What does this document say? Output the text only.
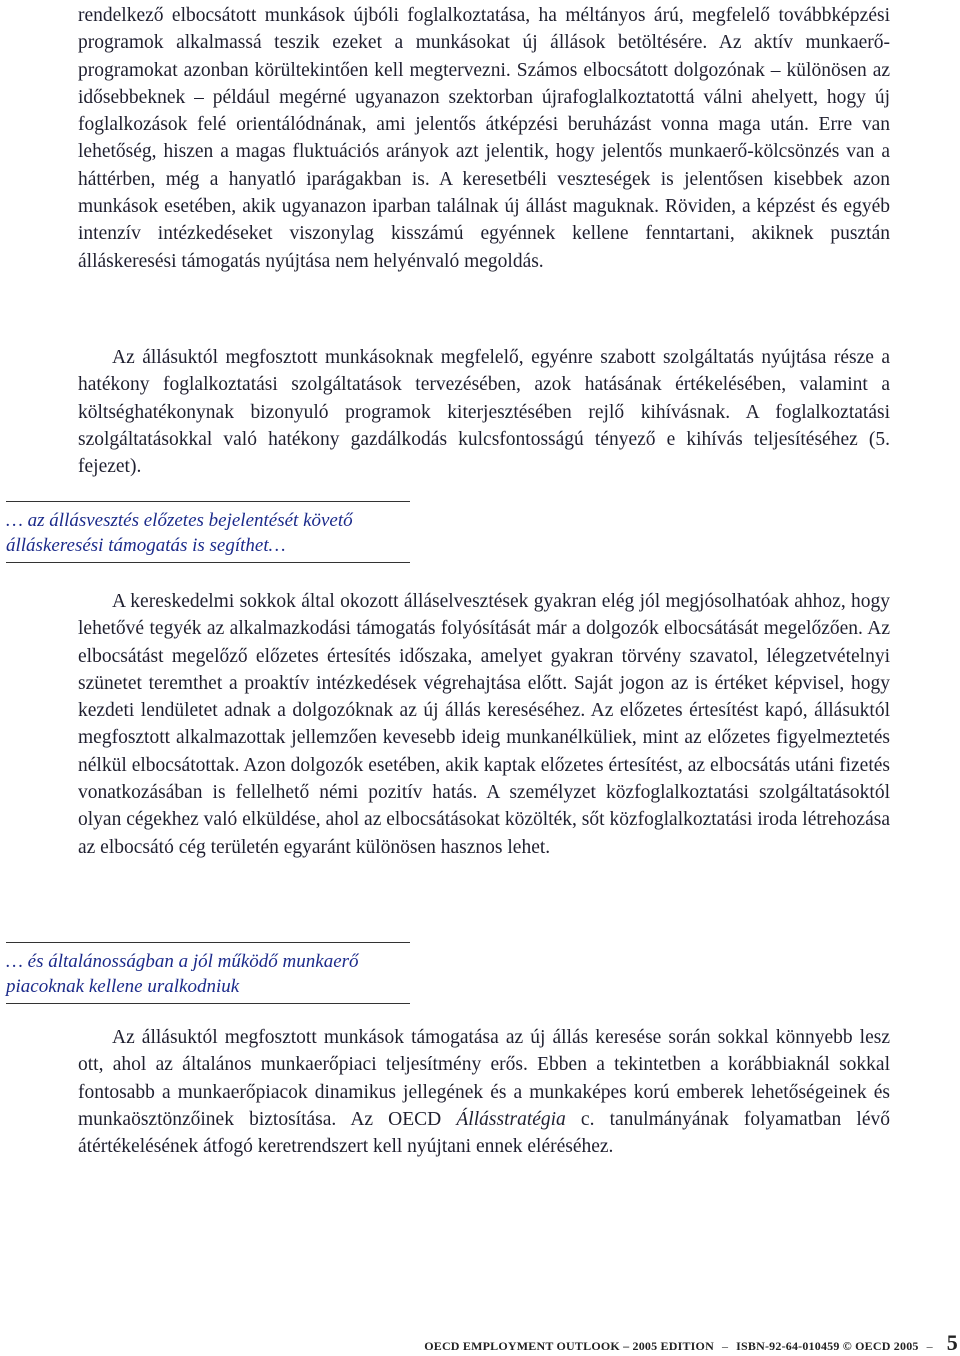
rendelkező elbocsátott munkások újbóli foglalkoztatása, ha méltányos árú, megfelelő továbbképzési programok alkalmassá teszik ezeket a munkásokat új állások betöltésére. Az aktív munkaerő-programokat azonban körültekintően kell megtervezni. Számos elbocsátott dolgozónak – különösen az idősebbeknek – például megérné ugyanazon szektorban újrafoglalkoztatottá válni ahelyett, hogy új foglalkozások felé orientálódnának, ami jelentős átképzési beruházást vonna maga után. Erre van lehetőség, hiszen a magas fluktuációs arányok azt jelentik, hogy jelentős munkaerő-kölcsönzés van a háttérben, még a hanyatló iparágakban is. A keresetbéli veszteségek is jelentősen kisebbek azon munkások esetében, akik ugyanazon iparban találnak új állást maguknak. Röviden, a képzést és egyéb intenzív intézkedéseket viszonylag kisszámú egyénnek kellene fenntartani, akiknek pusztán álláskeresési támogatás nyújtása nem helyénvaló megoldás.

Az állásuktól megfosztott munkásoknak megfelelő, egyénre szabott szolgáltatás nyújtása része a hatékony foglalkoztatási szolgáltatások tervezésében, azok hatásának értékelésében, valamint a költséghatékonynak bizonyuló programok kiterjesztésében rejlő kihívásnak. A foglalkoztatási szolgáltatásokkal való hatékony gazdálkodás kulcsfontosságú tényező e kihívás teljesítéséhez (5. fejezet).

… az állásvesztés előzetes bejelentését követő álláskeresési támogatás is segíthet…

A kereskedelmi sokkok által okozott álláselvesztések gyakran elég jól megjósolhatóak ahhoz, hogy lehetővé tegyék az alkalmazkodási támogatás folyósítását már a dolgozók elbocsátását megelőzően. Az elbocsátást megelőző előzetes értesítés időszaka, amelyet gyakran törvény szavatol, lélegzetvételnyi szünetet teremthet a proaktív intézkedések végrehajtása előtt. Saját jogon az is értéket képvisel, hogy kezdeti lendületet adnak a dolgozóknak az új állás kereséséhez. Az előzetes értesítést kapó, állásuktól megfosztott alkalmazottak jellemzően kevesebb ideig munkanélküliek, mint az előzetes figyelmeztetés nélkül elbocsátottak. Azon dolgozók esetében, akik kaptak előzetes értesítést, az elbocsátás utáni fizetés vonatkozásában is fellelhető némi pozitív hatás. A személyzet közfoglalkoztatási szolgáltatásoktól olyan cégekhez való elküldése, ahol az elbocsátásokat közölték, sőt közfoglalkoztatási iroda létrehozása az elbocsátó cég területén egyaránt különösen hasznos lehet.

… és általánosságban a jól működő munkaerő piacoknak kellene uralkodniuk

Az állásuktól megfosztott munkások támogatása az új állás keresése során sokkal könnyebb lesz ott, ahol az általános munkaerőpiaci teljesítmény erős. Ebben a tekintetben a korábbiaknál sokkal fontosabb a munkaerőpiacok dinamikus jellegének és a munkaképes korú emberek lehetőségeinek és munkaösztönzőinek biztosítása. Az OECD Állásstratégia c. tanulmányának folyamatban lévő átértékelésének átfogó keretrendszert kell nyújtani ennek eléréséhez.

OECD EMPLOYMENT OUTLOOK – 2005 EDITION – ISBN-92-64-010459 © OECD 2005 – 5
